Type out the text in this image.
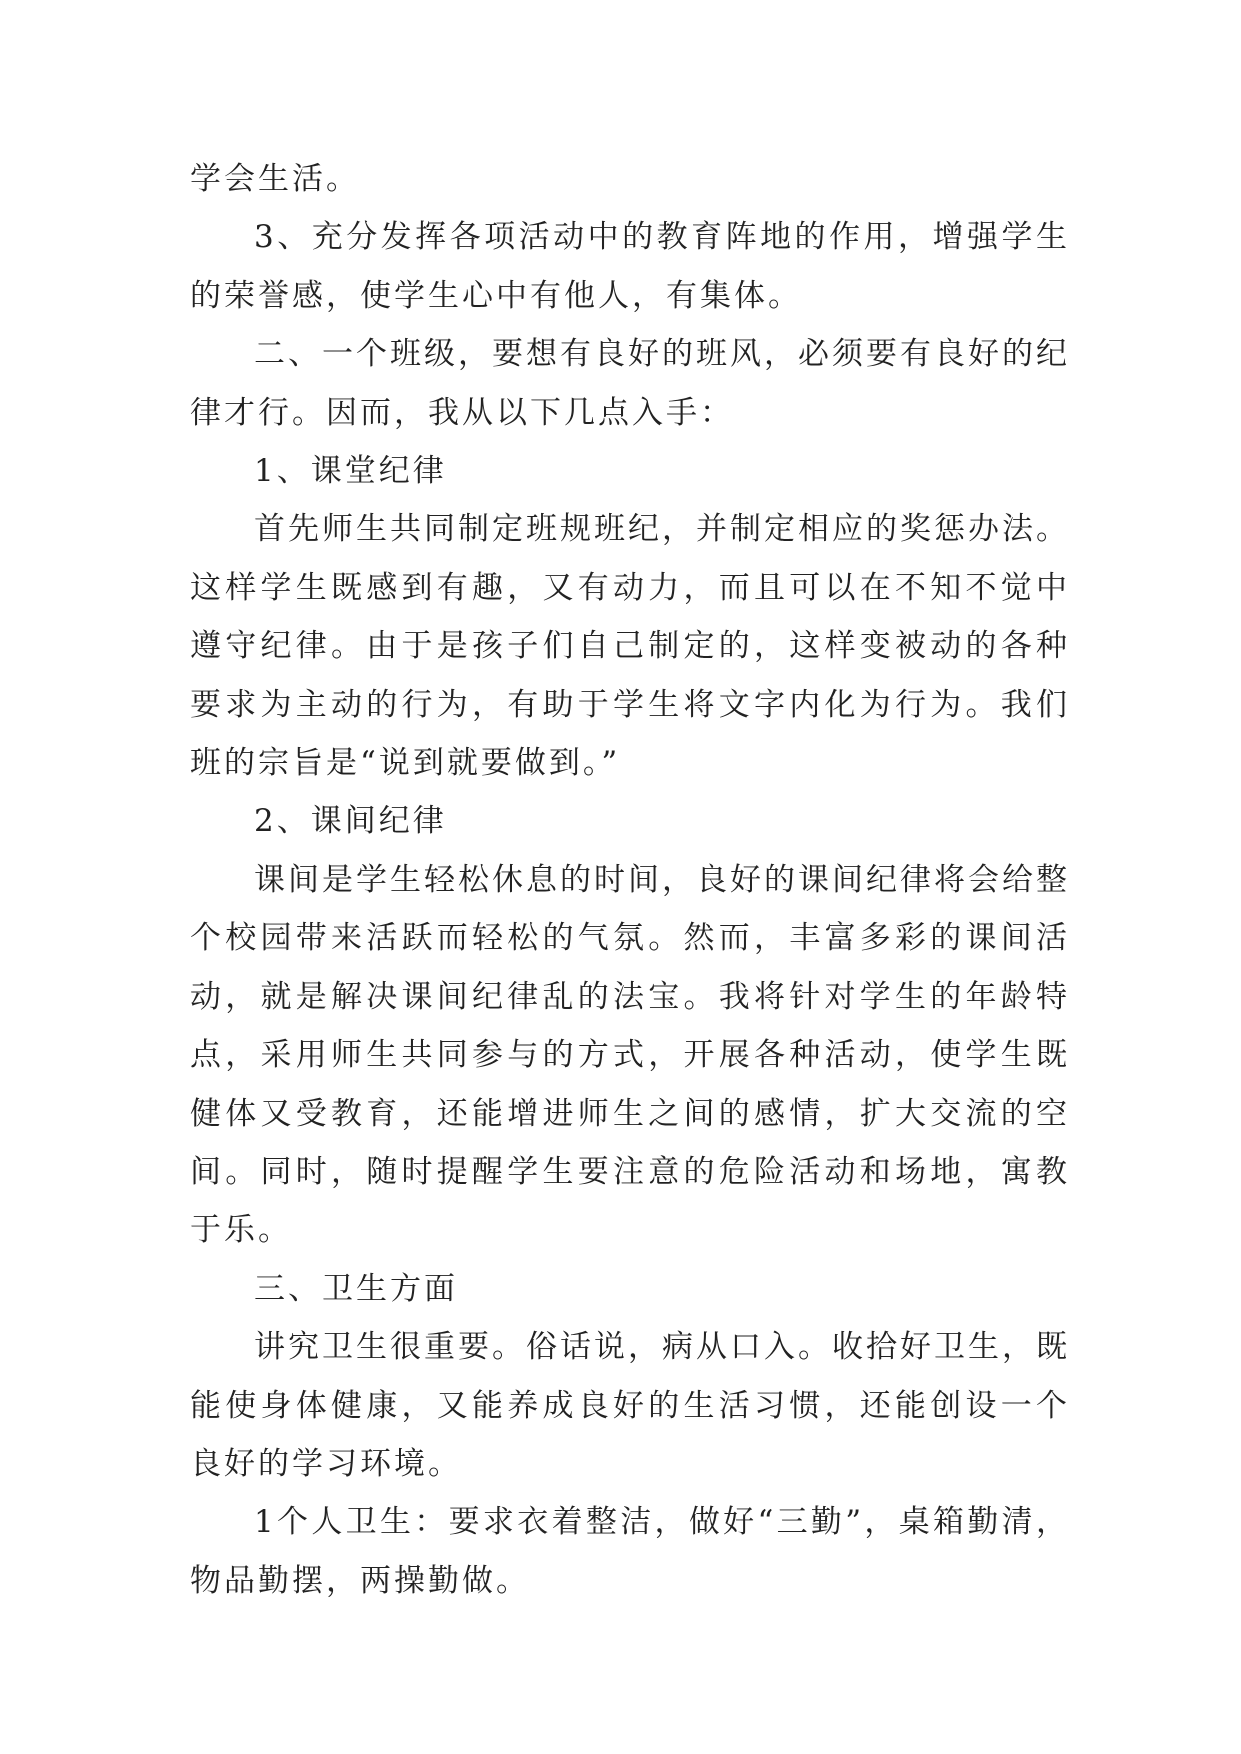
学会生活。

3、充分发挥各项活动中的教育阵地的作用，增强学生的荣誉感，使学生心中有他人，有集体。

二、一个班级，要想有良好的班风，必须要有良好的纪律才行。因而，我从以下几点入手：

1、课堂纪律

首先师生共同制定班规班纪，并制定相应的奖惩办法。这样学生既感到有趣，又有动力，而且可以在不知不觉中遵守纪律。由于是孩子们自己制定的，这样变被动的各种要求为主动的行为，有助于学生将文字内化为行为。我们班的宗旨是“说到就要做到。”

2、课间纪律

课间是学生轻松休息的时间，良好的课间纪律将会给整个校园带来活跃而轻松的气氛。然而，丰富多彩的课间活动，就是解决课间纪律乱的法宝。我将针对学生的年龄特点，采用师生共同参与的方式，开展各种活动，使学生既健体又受教育，还能增进师生之间的感情，扩大交流的空间。同时，随时提醒学生要注意的危险活动和场地，寓教于乐。

三、卫生方面

讲究卫生很重要。俗话说，病从口入。收拾好卫生，既能使身体健康，又能养成良好的生活习惯，还能创设一个良好的学习环境。

1个人卫生：要求衣着整洁，做好“三勤”，桌箱勤清，物品勤摆，两操勤做。
